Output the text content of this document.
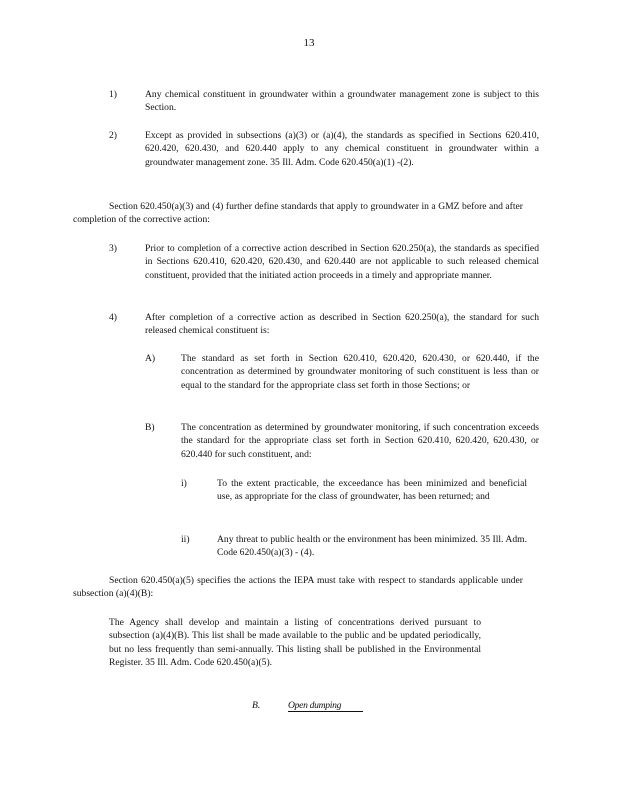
13
1)	Any chemical constituent in groundwater within a groundwater management zone is subject to this Section.
2)	Except as provided in subsections (a)(3) or (a)(4), the standards as specified in Sections 620.410, 620.420, 620.430, and 620.440 apply to any chemical constituent in groundwater within a groundwater management zone. 35 Ill. Adm. Code 620.450(a)(1) -(2).
Section 620.450(a)(3) and (4) further define standards that apply to groundwater in a GMZ before and after completion of the corrective action:
3)	Prior to completion of a corrective action described in Section 620.250(a), the standards as specified in Sections 620.410, 620.420, 620.430, and 620.440 are not applicable to such released chemical constituent, provided that the initiated action proceeds in a timely and appropriate manner.
4)	After completion of a corrective action as described in Section 620.250(a), the standard for such released chemical constituent is:
A)	The standard as set forth in Section 620.410, 620.420, 620.430, or 620.440, if the concentration as determined by groundwater monitoring of such constituent is less than or equal to the standard for the appropriate class set forth in those Sections; or
B)	The concentration as determined by groundwater monitoring, if such concentration exceeds the standard for the appropriate class set forth in Section 620.410, 620.420, 620.430, or 620.440 for such constituent, and:
i)	To the extent practicable, the exceedance has been minimized and beneficial use, as appropriate for the class of groundwater, has been returned; and
ii)	Any threat to public health or the environment has been minimized. 35 Ill. Adm. Code 620.450(a)(3) - (4).
Section 620.450(a)(5) specifies the actions the IEPA must take with respect to standards applicable under subsection (a)(4)(B):
The Agency shall develop and maintain a listing of concentrations derived pursuant to subsection (a)(4)(B). This list shall be made available to the public and be updated periodically, but no less frequently than semi-annually. This listing shall be published in the Environmental Register. 35 Ill. Adm. Code 620.450(a)(5).
B.	Open dumping
